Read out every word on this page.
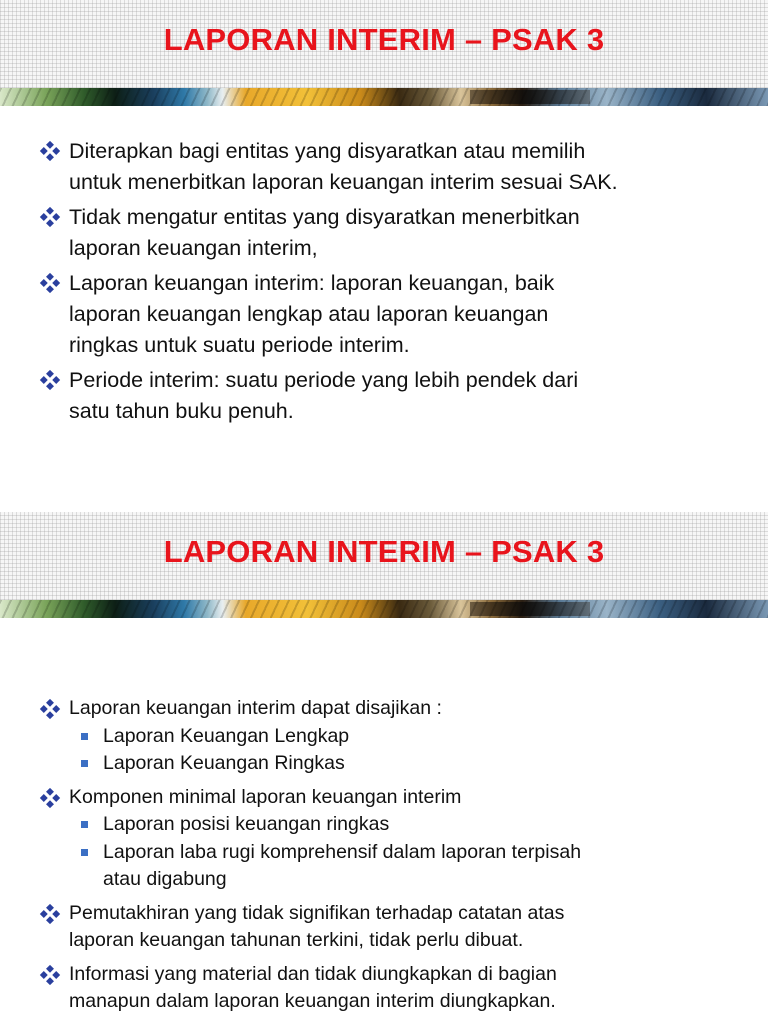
LAPORAN INTERIM – PSAK 3
Diterapkan bagi entitas yang disyaratkan atau memilih
untuk menerbitkan laporan keuangan interim sesuai SAK.
Tidak mengatur entitas yang disyaratkan menerbitkan
laporan keuangan interim,
Laporan keuangan interim: laporan keuangan, baik
laporan keuangan lengkap atau laporan keuangan
ringkas untuk suatu periode interim.
Periode interim: suatu periode yang lebih pendek dari
satu tahun buku penuh.
LAPORAN INTERIM – PSAK 3
Laporan keuangan interim dapat disajikan :
Laporan Keuangan Lengkap
Laporan Keuangan Ringkas
Komponen minimal laporan keuangan interim
Laporan posisi keuangan ringkas
Laporan laba rugi komprehensif dalam laporan terpisah
atau digabung
Pemutakhiran yang tidak signifikan terhadap catatan atas
laporan keuangan tahunan terkini, tidak perlu dibuat.
Informasi yang material dan tidak diungkapkan di bagian
manapun dalam laporan keuangan interim diungkapkan.
